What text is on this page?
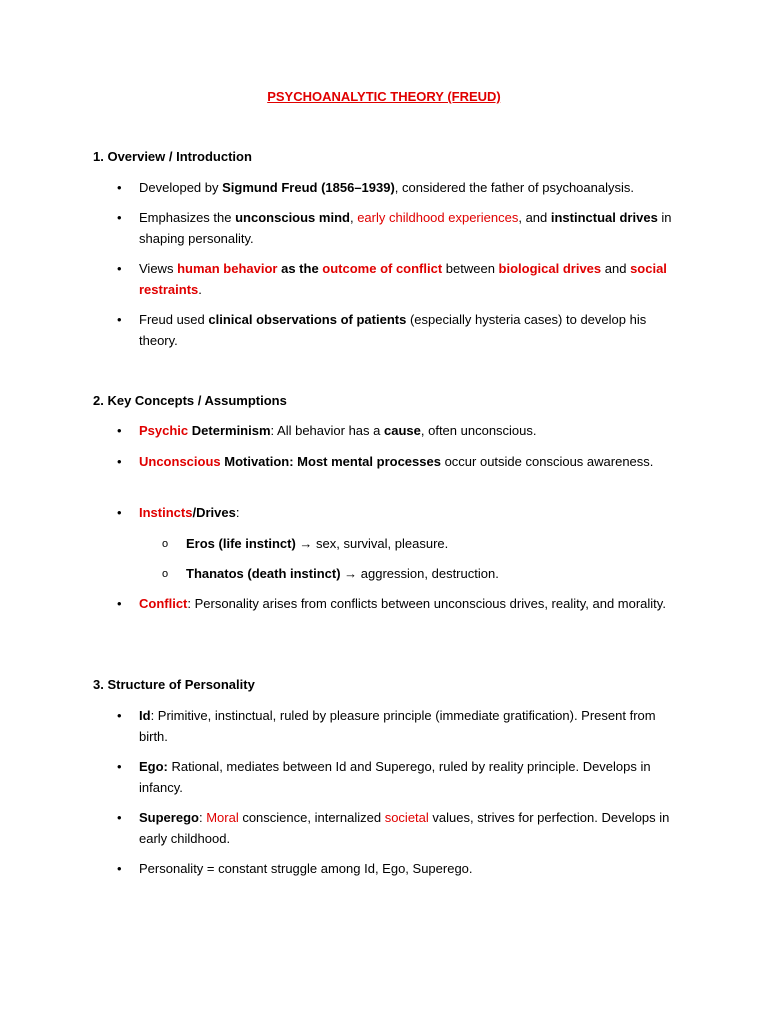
PSYCHOANALYTIC THEORY (FREUD)

1. Overview / Introduction

•

Developed by Sigmund Freud (1856–1939), considered the father of psychoanalysis.

•

Emphasizes the unconscious mind, early childhood experiences, and instinctual drives in shaping personality.

•

Views human behavior as the outcome of conflict between biological drives and social restraints.

•

Freud used clinical observations of patients (especially hysteria cases) to develop his theory.

2. Key Concepts / Assumptions

•

Psychic Determinism: All behavior has a cause, often unconscious.

•

Unconscious Motivation: Most mental processes occur outside conscious awareness.

•

Instincts/Drives:

o

Eros (life instinct) → sex, survival, pleasure.

o

Thanatos (death instinct) → aggression, destruction.

•

Conflict: Personality arises from conflicts between unconscious drives, reality, and morality.

3. Structure of Personality

•

Id: Primitive, instinctual, ruled by pleasure principle (immediate gratification). Present from birth.

•

Ego: Rational, mediates between Id and Superego, ruled by reality principle. Develops in infancy.

•

Superego: Moral conscience, internalized societal values, strives for perfection. Develops in early childhood.

•

Personality = constant struggle among Id, Ego, Superego.
